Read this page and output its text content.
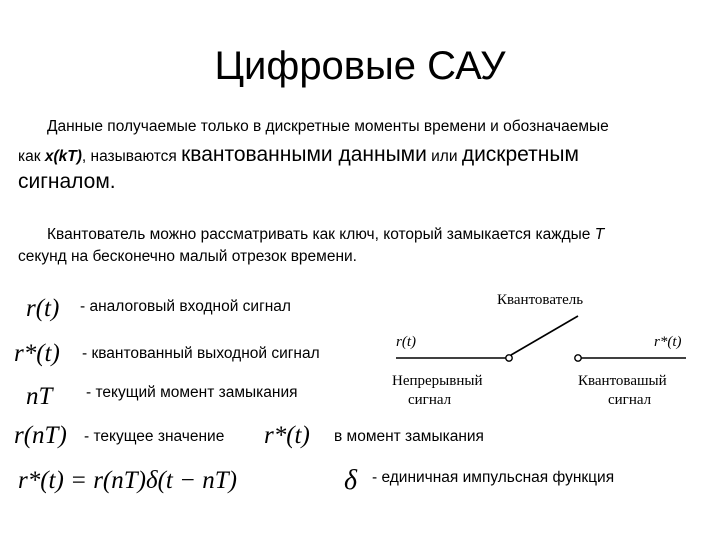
Цифровые САУ
Данные получаемые только в дискретные моменты времени и обозначаемые
как x(kT), называются квантованными данными или дискретным
сигналом.
Квантователь можно рассматривать как ключ, который замыкается каждые T
секунд на бесконечно малый отрезок времени.
r(t) - аналоговый входной сигнал
r*(t) - квантованный выходной сигнал
nT - текущий момент замыкания
r(nT) - текущее значение r*(t) в момент замыкания
r*(t) = r(nT)δ(t − nT)	δ - единичная импульсная функция
Квантователь
r(t)	r*(t)
Непрерывный
сигнал
Квантовашый
сигнал
